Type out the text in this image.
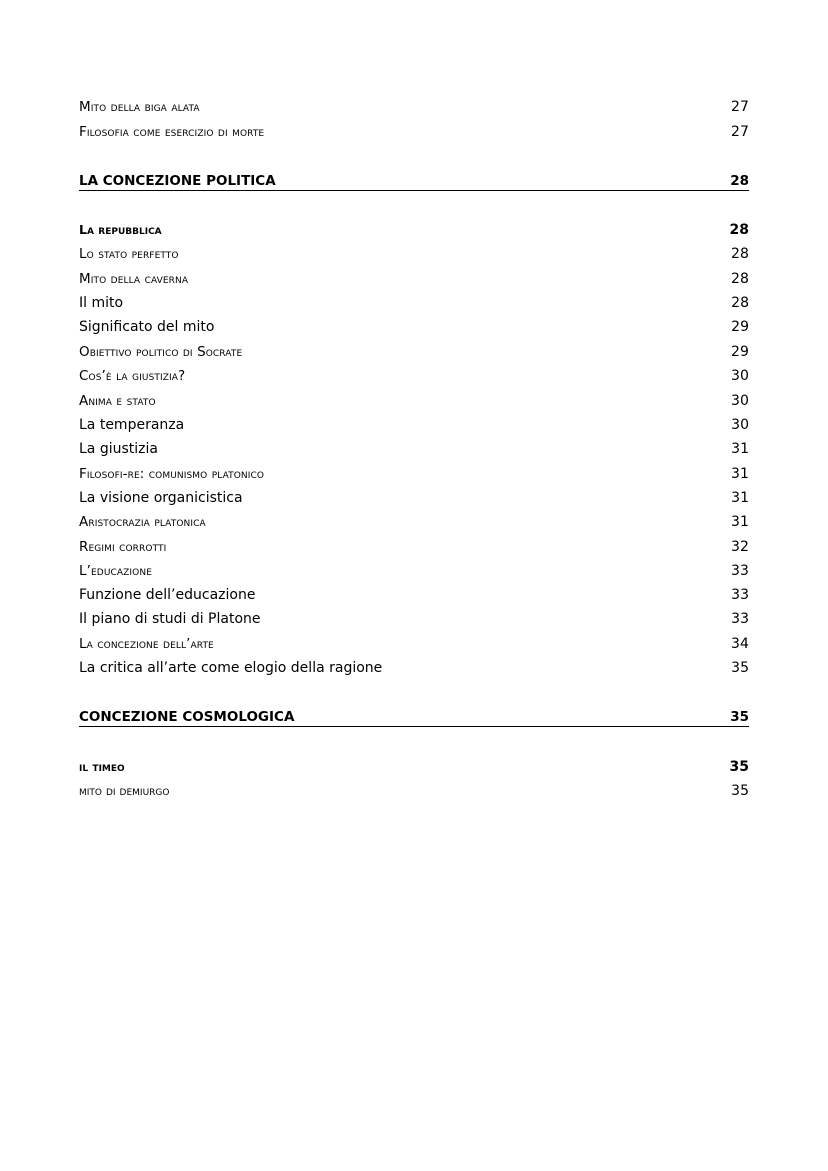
Mito della biga alata	27
Filosofia come esercizio di morte	27
LA CONCEZIONE POLITICA	28
La repubblica	28
Lo stato perfetto	28
Mito della caverna	28
Il mito	28
Significato del mito	29
Obiettivo politico di Socrate	29
Cos’è la giustizia?	30
Anima e stato	30
La temperanza	30
La giustizia	31
Filosofi-re: comunismo platonico	31
La visione organicistica	31
Aristocrazia platonica	31
Regimi corrotti	32
L’educazione	33
Funzione dell’educazione	33
Il piano di studi di Platone	33
La concezione dell’arte	34
La critica all’arte come elogio della ragione	35
CONCEZIONE COSMOLOGICA	35
il timeo	35
mito di demiurgo	35
